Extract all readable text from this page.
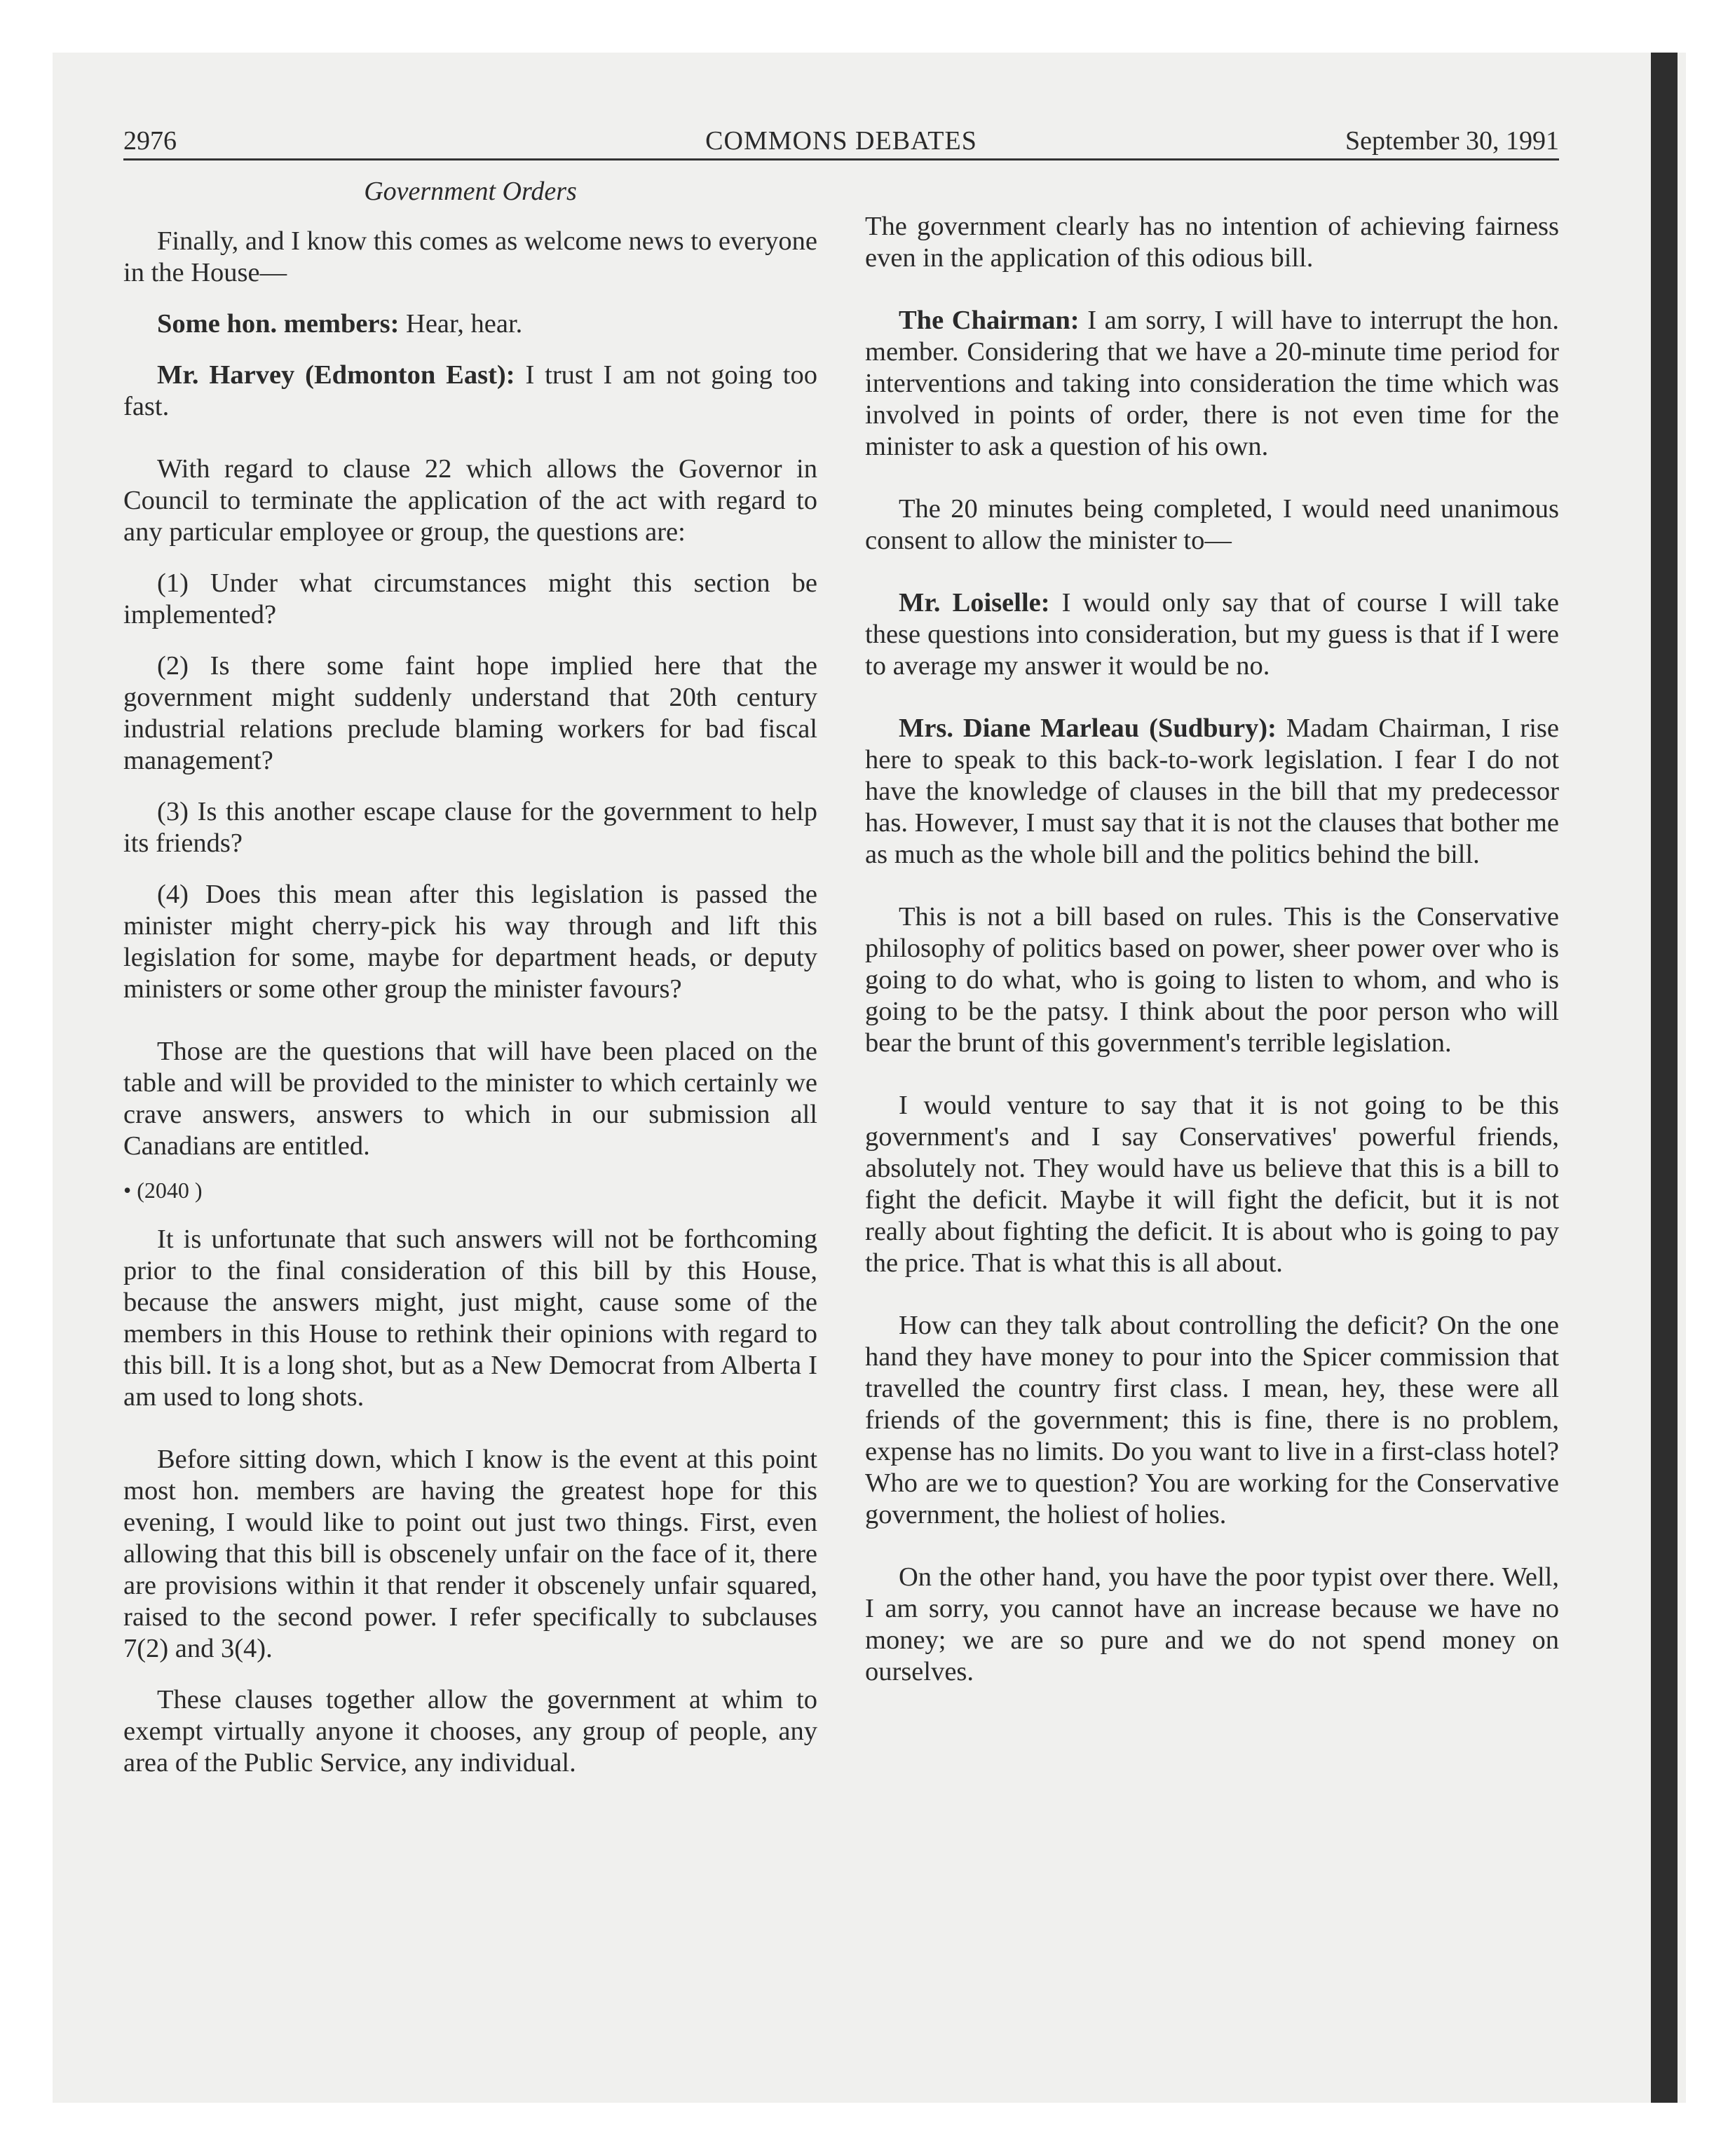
2976	COMMONS DEBATES	September 30, 1991
Government Orders

Finally, and I know this comes as welcome news to everyone in the House—

Some hon. members: Hear, hear.

Mr. Harvey (Edmonton East): I trust I am not going too fast.

With regard to clause 22 which allows the Governor in Council to terminate the application of the act with regard to any particular employee or group, the questions are:

(1) Under what circumstances might this section be implemented?

(2) Is there some faint hope implied here that the government might suddenly understand that 20th century industrial relations preclude blaming workers for bad fiscal management?

(3) Is this another escape clause for the government to help its friends?

(4) Does this mean after this legislation is passed the minister might cherry-pick his way through and lift this legislation for some, maybe for department heads, or deputy ministers or some other group the minister favours?

Those are the questions that will have been placed on the table and will be provided to the minister to which certainly we crave answers, answers to which in our submission all Canadians are entitled.

• (2040 )

It is unfortunate that such answers will not be forthcoming prior to the final consideration of this bill by this House, because the answers might, just might, cause some of the members in this House to rethink their opinions with regard to this bill. It is a long shot, but as a New Democrat from Alberta I am used to long shots.

Before sitting down, which I know is the event at this point most hon. members are having the greatest hope for this evening, I would like to point out just two things. First, even allowing that this bill is obscenely unfair on the face of it, there are provisions within it that render it obscenely unfair squared, raised to the second power. I refer specifically to subclauses 7(2) and 3(4).

These clauses together allow the government at whim to exempt virtually anyone it chooses, any group of people, any area of the Public Service, any individual.

The government clearly has no intention of achieving fairness even in the application of this odious bill.

The Chairman: I am sorry, I will have to interrupt the hon. member. Considering that we have a 20-minute time period for interventions and taking into consideration the time which was involved in points of order, there is not even time for the minister to ask a question of his own.

The 20 minutes being completed, I would need unanimous consent to allow the minister to—

Mr. Loiselle: I would only say that of course I will take these questions into consideration, but my guess is that if I were to average my answer it would be no.

Mrs. Diane Marleau (Sudbury): Madam Chairman, I rise here to speak to this back-to-work legislation. I fear I do not have the knowledge of clauses in the bill that my predecessor has. However, I must say that it is not the clauses that bother me as much as the whole bill and the politics behind the bill.

This is not a bill based on rules. This is the Conservative philosophy of politics based on power, sheer power over who is going to do what, who is going to listen to whom, and who is going to be the patsy. I think about the poor person who will bear the brunt of this government's terrible legislation.

I would venture to say that it is not going to be this government's and I say Conservatives' powerful friends, absolutely not. They would have us believe that this is a bill to fight the deficit. Maybe it will fight the deficit, but it is not really about fighting the deficit. It is about who is going to pay the price. That is what this is all about.

How can they talk about controlling the deficit? On the one hand they have money to pour into the Spicer commission that travelled the country first class. I mean, hey, these were all friends of the government; this is fine, there is no problem, expense has no limits. Do you want to live in a first-class hotel? Who are we to question? You are working for the Conservative government, the holiest of holies.

On the other hand, you have the poor typist over there. Well, I am sorry, you cannot have an increase because we have no money; we are so pure and we do not spend money on ourselves.
